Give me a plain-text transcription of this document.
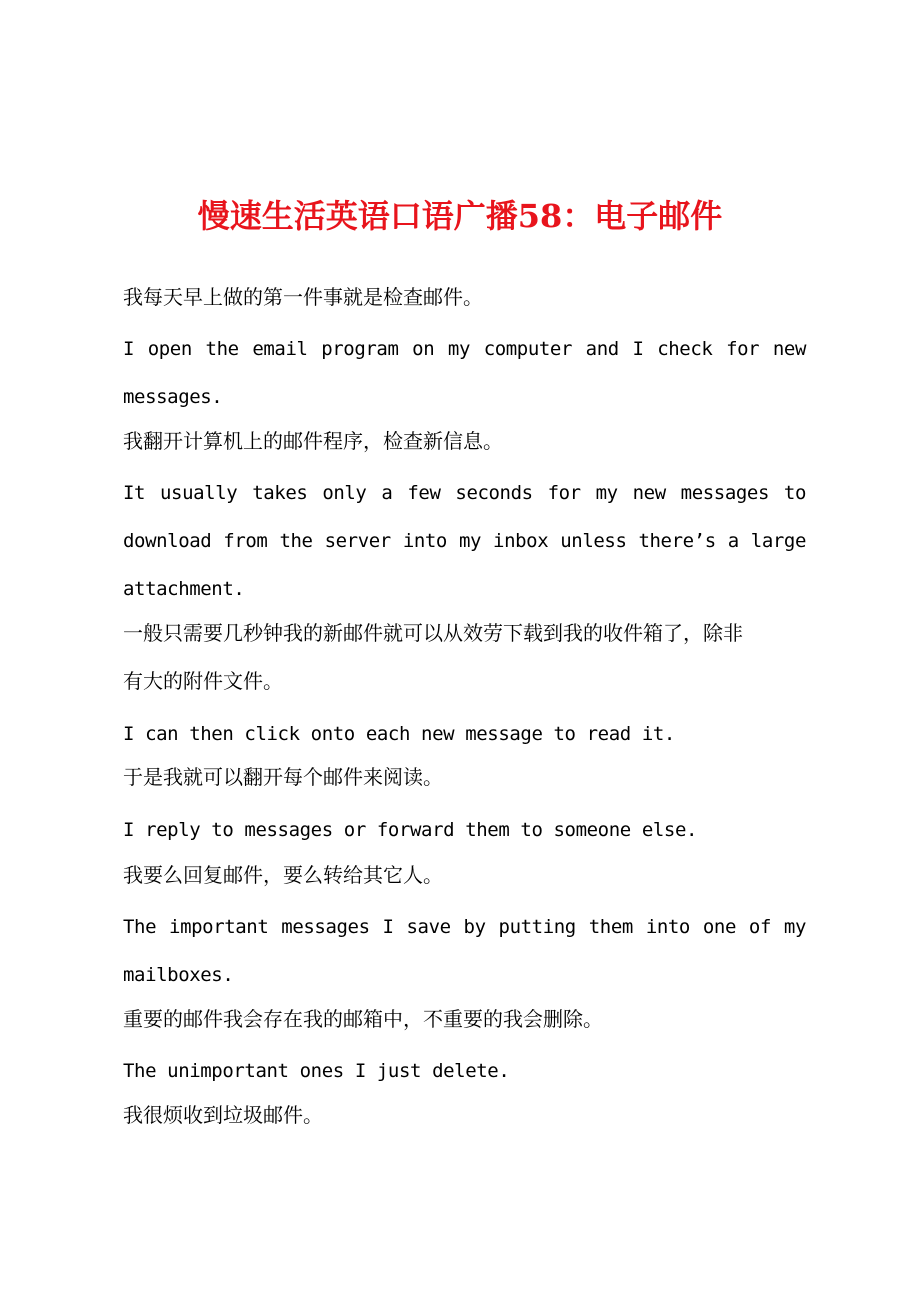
慢速生活英语口语广播58：电子邮件

我每天早上做的第一件事就是检查邮件。

I open the email program on my computer and I check for new

messages.

我翻开计算机上的邮件程序，检查新信息。

It usually takes only a few seconds for my new messages to

download from the server into my inbox unless there’s a large

attachment.

一般只需要几秒钟我的新邮件就可以从效劳下载到我的收件箱了，除非

有大的附件文件。

I can then click onto each new message to read it.

于是我就可以翻开每个邮件来阅读。

I reply to messages or forward them to someone else.

我要么回复邮件，要么转给其它人。

The important messages I save by putting them into one of my

mailboxes.

重要的邮件我会存在我的邮箱中，不重要的我会删除。

The unimportant ones I just delete.

我很烦收到垃圾邮件。
